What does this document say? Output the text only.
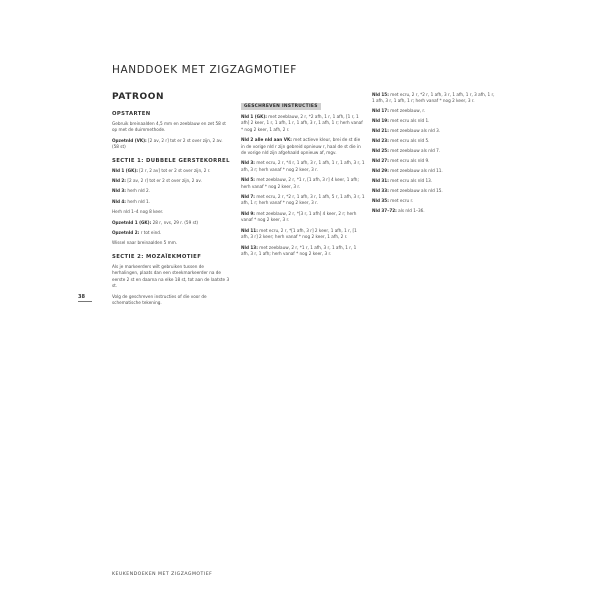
HANDDOEK MET ZIGZAGMOTIEF
PATROON
OPSTARTEN

Gebruik breinaalden 4,5 mm en zeeblauw en zet 58 st op met de duimmethode.

Opzetnld (VK): [2 av, 2 r] tot er 2 st over zijn, 2 av. (58 st)

SECTIE 1: DUBBELE GERSTEKORREL

Nld 1 (GK): [2 r, 2 av] tot er 2 st over zijn, 2 r.

Nld 2: [2 av, 2 r] tot er 2 st over zijn, 2 av.

Nld 3: herh nld 2.

Nld 4: herh nld 1.

Herh nld 1–4 nog 8 keer.

Opzetnld 1 (GK): 28 r, nvs, 29 r. (59 st)

Opzetnld 2: r tot eind.

Wissel naar breinaalden 5 mm.

SECTIE 2: MOZAÏEKMOTIEF

Als je markeerders wilt gebruiken tussen de herhalingen, plaats dan een steekmarkeerder na de eerste 2 st en daarna na elke 18 st, tot aan de laatste 3 st.

Volg de geschreven instructies of die voor de schematische tekening.

GESCHREVEN INSTRUCTIES

Nld 1 (GK): met zeeblauw, 2 r, *2 afh, 1 r, 1 afh, [1 r, 1 afh] 2 keer, 1 r, 1 afh, 1 r, 1 afh, 3 r, 1 afh, 1 r; herh vanaf * nog 2 keer, 1 afh, 2 r.

Nld 2 alle nld aan VK: met actieve kleur, brei de st die in de vorige nld r zijn gebreid opnieuw r, haal de st die in de vorige nld zijn afgehaald opnieuw af, mgv.

Nld 3: met ecru, 2 r, *4 r, 1 afh, 3 r, 1 afh, 1 r, 1 afh, 3 r, 1 afh, 3 r; herh vanaf * nog 2 keer, 3 r.

Nld 5: met zeeblauw, 2 r, *1 r, [1 afh, 3 r] 4 keer, 1 afh; herh vanaf * nog 2 keer, 3 r.

Nld 7: met ecru, 2 r, *2 r, 1 afh, 3 r, 1 afh, 5 r, 1 afh, 3 r, 1 afh, 1 r; herh vanaf * nog 2 keer, 3 r.

Nld 9: met zeeblauw, 2 r, *[3 r, 1 afh] 4 keer, 2 r; herh vanaf * nog 2 keer, 3 r.

Nld 11: met ecru, 2 r, *[1 afh, 3 r] 2 keer, 1 afh, 1 r, [1 afh, 3 r] 2 keer; herh vanaf * nog 2 keer, 1 afh, 2 r.

Nld 13: met zeeblauw, 2 r, *1 r, 1 afh, 3 r, 1 afh, 1 r, 1 afh, 3 r, 1 afh; herh vanaf * nog 2 keer, 3 r.

Nld 15: met ecru, 2 r, *2 r, 1 afh, 3 r, 1 afh, 1 r, 3 afh, 1 r, 1 afh, 3 r, 1 afh, 1 r; herh vanaf * nog 2 keer, 3 r.

Nld 17: met zeeblauw, r.

Nld 19: met ecru als nld 1.

Nld 21: met zeeblauw als nld 3.

Nld 23: met ecru als nld 5.

Nld 25: met zeeblauw als nld 7.

Nld 27: met ecru als nld 9.

Nld 29: met zeeblauw als nld 11.

Nld 31: met ecru als nld 13.

Nld 33: met zeeblauw als nld 15.

Nld 35: met ecru r.

Nld 37–72: als nld 1–36.

38
KEUKENDOEKEN MET ZIGZAGMOTIEF
